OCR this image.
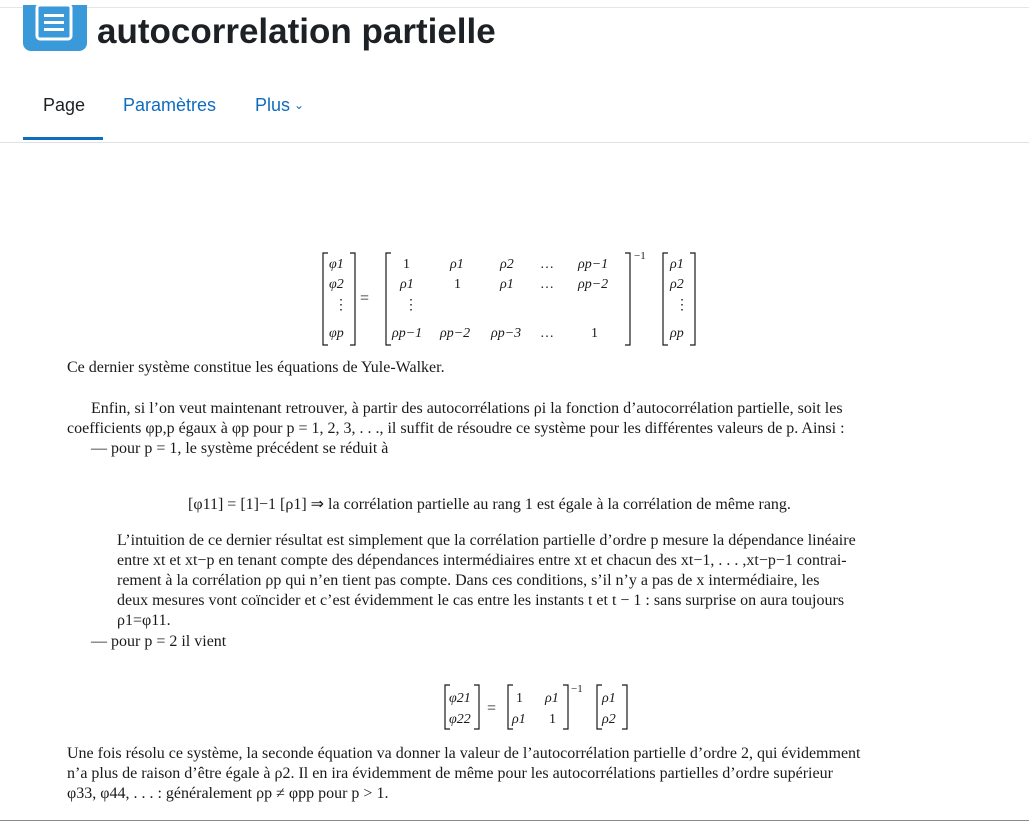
autocorrelation partielle
Page	Paramètres Plus ⌄
φ1
φ2
⋮
φp
=
1	ρ1	ρ2 … ρp−1
ρ1	1	ρ1 … ρp−2
⋮
ρp−1 ρp−2 ρp−3 …	1
−1
ρ1
ρ2
⋮
ρp
Ce dernier système constitue les équations de Yule-Walker.
Enfin, si l’on veut maintenant retrouver, à partir des autocorrélations ρi la fonction d’autocorrélation partielle, soit les
coefficients φp,p égaux à φp pour p = 1, 2, 3, . . ., il suffit de résoudre ce système pour les différentes valeurs de p. Ainsi :
— pour p = 1, le système précédent se réduit à
[φ11] = [1]−1 [ρ1] ⇒ la corrélation partielle au rang 1 est égale à la corrélation de même rang.
L’intuition de ce dernier résultat est simplement que la corrélation partielle d’ordre p mesure la dépendance linéaire
entre xt et xt−p en tenant compte des dépendances intermédiaires entre xt et chacun des xt−1, . . . ,xt−p−1 contrai-
rement à la corrélation ρp qui n’en tient pas compte. Dans ces conditions, s’il n’y a pas de x intermédiaire, les
deux mesures vont coïncider et c’est évidemment le cas entre les instants t et t − 1 : sans surprise on aura toujours
ρ1=φ11.
— pour p = 2 il vient
φ21
φ22
=
1 ρ1
ρ1 1
−1
ρ1
ρ2
Une fois résolu ce système, la seconde équation va donner la valeur de l’autocorrélation partielle d’ordre 2, qui évidemment
n’a plus de raison d’être égale à ρ2. Il en ira évidemment de même pour les autocorrélations partielles d’ordre supérieur
φ33, φ44, . . . : généralement ρp ≠ φpp pour p > 1.
